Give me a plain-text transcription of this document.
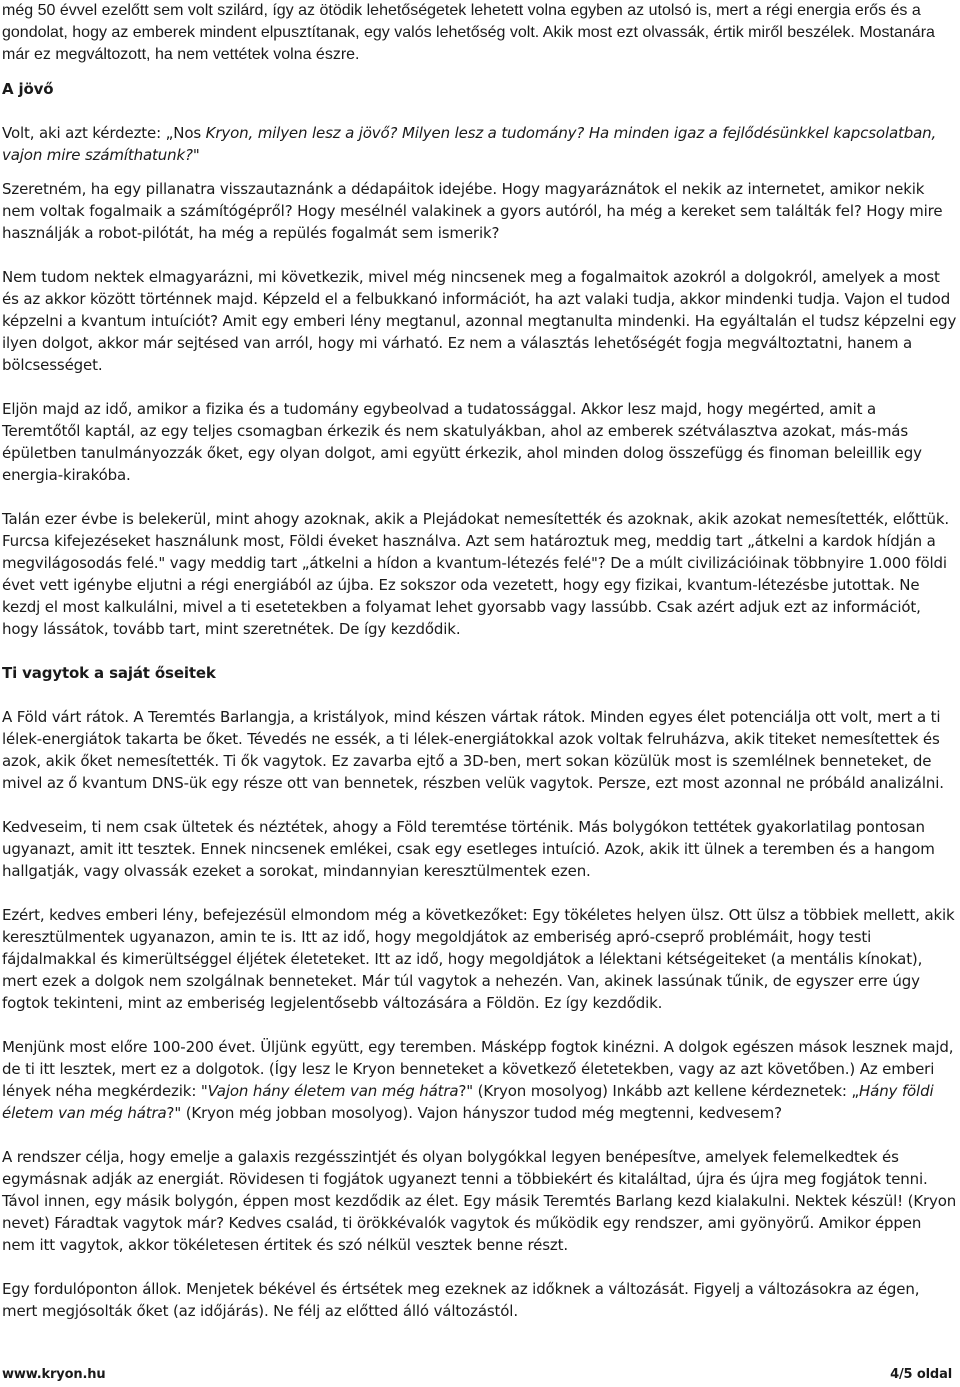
még 50 évvel ezelőtt sem volt szilárd, így az ötödik lehetőségetek lehetett volna egyben az utolsó is, mert a régi energia erős és a gondolat, hogy az emberek mindent elpusztítanak, egy valós lehetőség volt. Akik most ezt olvassák, értik miről beszélek. Mostanára már ez megváltozott, ha nem vettétek volna észre.

A jövő

Volt, aki azt kérdezte: „Nos Kryon, milyen lesz a jövő? Milyen lesz a tudomány? Ha minden igaz a fejlődésünkkel kapcsolatban, vajon mire számíthatunk?"

Szeretném, ha egy pillanatra visszautaznánk a dédapáitok idejébe. Hogy magyaráznátok el nekik az internetet, amikor nekik nem voltak fogalmaik a számítógépről? Hogy mesélnél valakinek a gyors autóról, ha még a kereket sem találták fel? Hogy mire használják a robot-pilótát, ha még a repülés fogalmát sem ismerik?

Nem tudom nektek elmagyarázni, mi következik, mivel még nincsenek meg a fogalmaitok azokról a dolgokról, amelyek a most és az akkor között történnek majd. Képzeld el a felbukkanó információt, ha azt valaki tudja, akkor mindenki tudja. Vajon el tudod képzelni a kvantum intuíciót? Amit egy emberi lény megtanul, azonnal megtanulta mindenki. Ha egyáltalán el tudsz képzelni egy ilyen dolgot, akkor már sejtésed van arról, hogy mi várható. Ez nem a választás lehetőségét fogja megváltoztatni, hanem a bölcsességet.

Eljön majd az idő, amikor a fizika és a tudomány egybeolvad a tudatossággal. Akkor lesz majd, hogy megérted, amit a Teremtőtől kaptál, az egy teljes csomagban érkezik és nem skatulyákban, ahol az emberek szétválasztva azokat, más-más épületben tanulmányozzák őket, egy olyan dolgot, ami együtt érkezik, ahol minden dolog összefügg és finoman beleillik egy energia-kirakóba.

Talán ezer évbe is belekerül, mint ahogy azoknak, akik a Plejádokat nemesítették és azoknak, akik azokat nemesítették, előttük. Furcsa kifejezéseket használunk most, Földi éveket használva. Azt sem határoztuk meg, meddig tart „átkelni a kardok hídján a megvilágosodás felé." vagy meddig tart „átkelni a hídon a kvantum-létezés felé"? De a múlt civilizációinak többnyire 1.000 földi évet vett igénybe eljutni a régi energiából az újba. Ez sokszor oda vezetett, hogy egy fizikai, kvantum-létezésbe jutottak. Ne kezdj el most kalkulálni, mivel a ti esetetekben a folyamat lehet gyorsabb vagy lassúbb. Csak azért adjuk ezt az információt, hogy lássátok, tovább tart, mint szeretnétek. De így kezdődik.

Ti vagytok a saját őseitek

A Föld várt rátok. A Teremtés Barlangja, a kristályok, mind készen vártak rátok. Minden egyes élet potenciálja ott volt, mert a ti lélek-energiátok takarta be őket. Tévedés ne essék, a ti lélek-energiátokkal azok voltak felruházva, akik titeket nemesítettek és azok, akik őket nemesítették. Ti ők vagytok. Ez zavarba ejtő a 3D-ben, mert sokan közülük most is szemlélnek benneteket, de mivel az ő kvantum DNS-ük egy része ott van bennetek, részben velük vagytok. Persze, ezt most azonnal ne próbáld analizálni.

Kedveseim, ti nem csak ültetek és néztétek, ahogy a Föld teremtése történik. Más bolygókon tettétek gyakorlatilag pontosan ugyanazt, amit itt tesztek. Ennek nincsenek emlékei, csak egy esetleges intuíció. Azok, akik itt ülnek a teremben és a hangom hallgatják, vagy olvassák ezeket a sorokat, mindannyian keresztülmentek ezen.

Ezért, kedves emberi lény, befejezésül elmondom még a következőket: Egy tökéletes helyen ülsz. Ott ülsz a többiek mellett, akik keresztülmentek ugyanazon, amin te is. Itt az idő, hogy megoldjátok az emberiség apró-cseprő problémáit, hogy testi fájdalmakkal és kimerültséggel éljétek életeteket. Itt az idő, hogy megoldjátok a lélektani kétségeiteket (a mentális kínokat), mert ezek a dolgok nem szolgálnak benneteket. Már túl vagytok a nehezén. Van, akinek lassúnak tűnik, de egyszer erre úgy fogtok tekinteni, mint az emberiség legjelentősebb változására a Földön. Ez így kezdődik.

Menjünk most előre 100-200 évet. Üljünk együtt, egy teremben. Másképp fogtok kinézni. A dolgok egészen mások lesznek majd, de ti itt lesztek, mert ez a dolgotok. (Így lesz le Kryon benneteket a következő életetekben, vagy az azt követőben.) Az emberi lények néha megkérdezik: "Vajon hány életem van még hátra?" (Kryon mosolyog) Inkább azt kellene kérdeznetek: „Hány földi életem van még hátra?" (Kryon még jobban mosolyog). Vajon hányszor tudod még megtenni, kedvesem?

A rendszer célja, hogy emelje a galaxis rezgésszintjét és olyan bolygókkal legyen benépesítve, amelyek felemelkedtek és egymásnak adják az energiát. Rövidesen ti fogjátok ugyanezt tenni a többiekért és kitaláltad, újra és újra meg fogjátok tenni. Távol innen, egy másik bolygón, éppen most kezdődik az élet. Egy másik Teremtés Barlang kezd kialakulni. Nektek készül! (Kryon nevet) Fáradtak vagytok már? Kedves család, ti örökkévalók vagytok és működik egy rendszer, ami gyönyörű. Amikor éppen nem itt vagytok, akkor tökéletesen értitek és szó nélkül vesztek benne részt.

Egy fordulóponton állok. Menjetek békével és értsétek meg ezeknek az időknek a változását. Figyelj a változásokra az égen, mert megjósolták őket (az időjárás). Ne félj az előtted álló változástól.

www.kryon.hu	4/5 oldal
